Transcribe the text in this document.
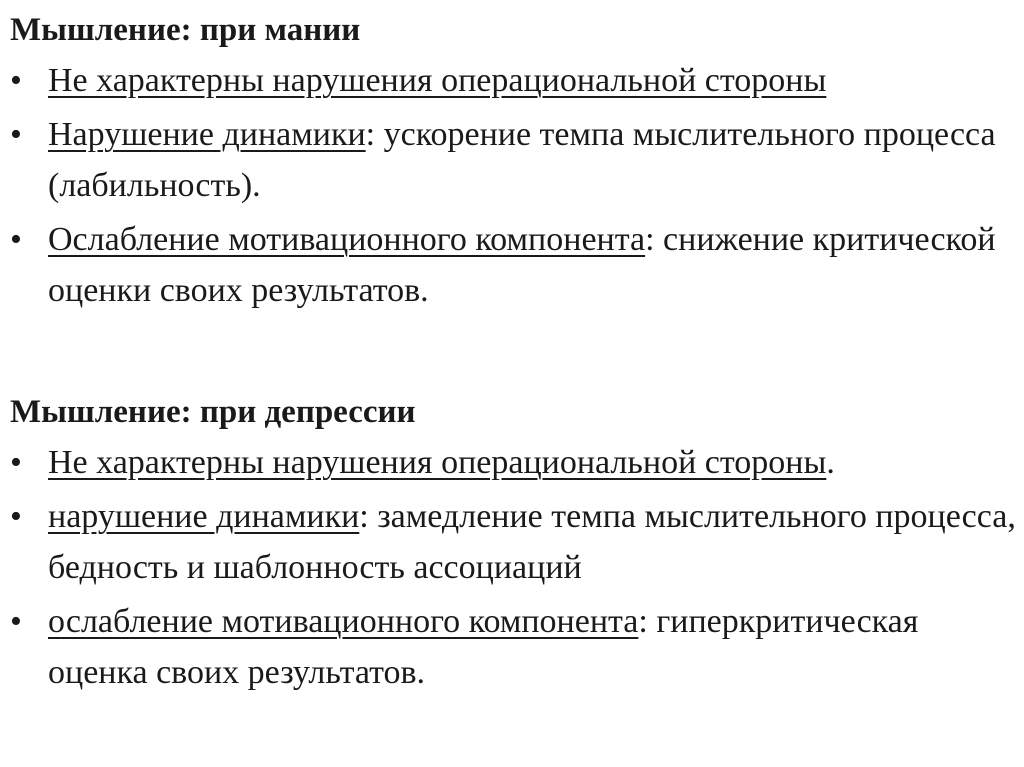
Мышление: при мании
• Не характерны нарушения операциональной стороны
• Нарушение динамики: ускорение темпа мыслительного процесса (лабильность).
• Ослабление мотивационного компонента: снижение критической оценки своих результатов.
Мышление: при депрессии
• Не характерны нарушения операциональной стороны.
• нарушение динамики: замедление темпа мыслительного процесса, бедность и шаблонность ассоциаций
• ослабление мотивационного компонента: гиперкритическая оценка своих результатов.
